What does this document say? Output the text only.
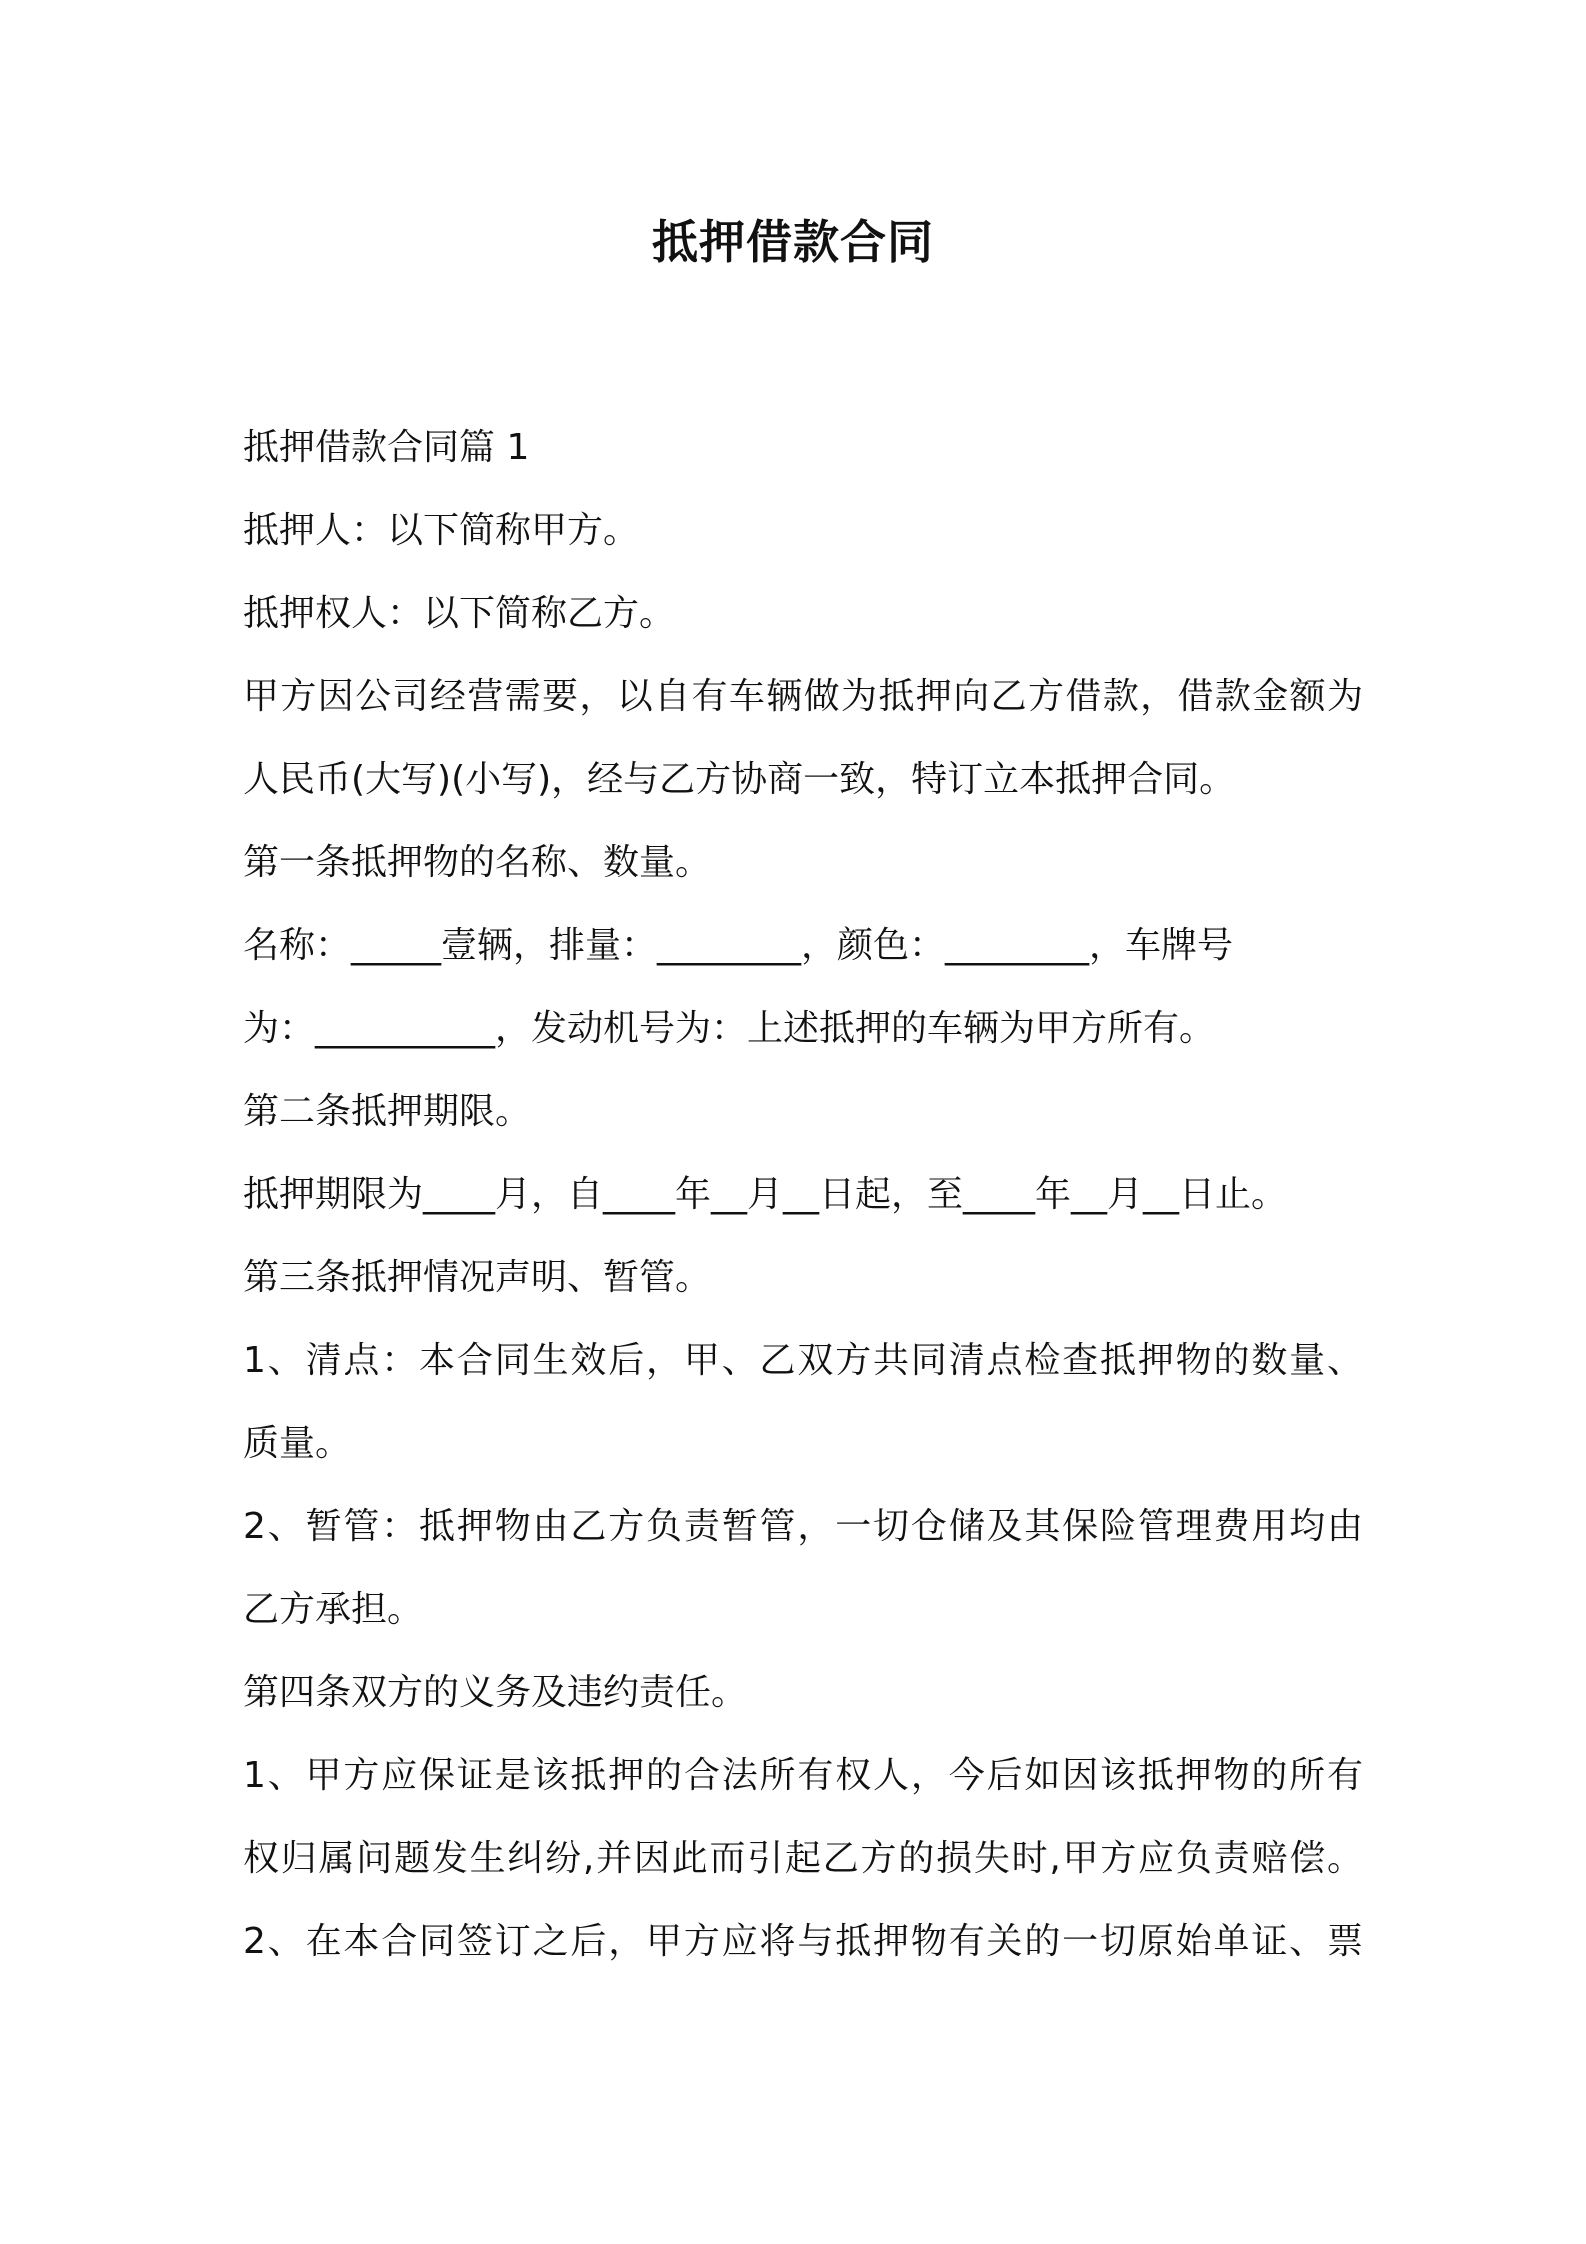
抵押借款合同

抵押借款合同篇 1

抵押人：以下简称甲方。

抵押权人：以下简称乙方。

甲方因公司经营需要，以自有车辆做为抵押向乙方借款，借款金额为

人民币(大写)(小写)，经与乙方协商一致，特订立本抵押合同。

第一条抵押物的名称、数量。

名称：_____壹辆，排量：________，颜色：________，车牌号

为：__________，发动机号为：上述抵押的车辆为甲方所有。

第二条抵押期限。

抵押期限为____月，自____年__月__日起，至____年__月__日止。

第三条抵押情况声明、暂管。

1、清点：本合同生效后，甲、乙双方共同清点检查抵押物的数量、

质量。

2、暂管：抵押物由乙方负责暂管，一切仓储及其保险管理费用均由

乙方承担。

第四条双方的义务及违约责任。

1、甲方应保证是该抵押的合法所有权人，今后如因该抵押物的所有

权归属问题发生纠纷,并因此而引起乙方的损失时,甲方应负责赔偿。

2、在本合同签订之后，甲方应将与抵押物有关的一切原始单证、票
